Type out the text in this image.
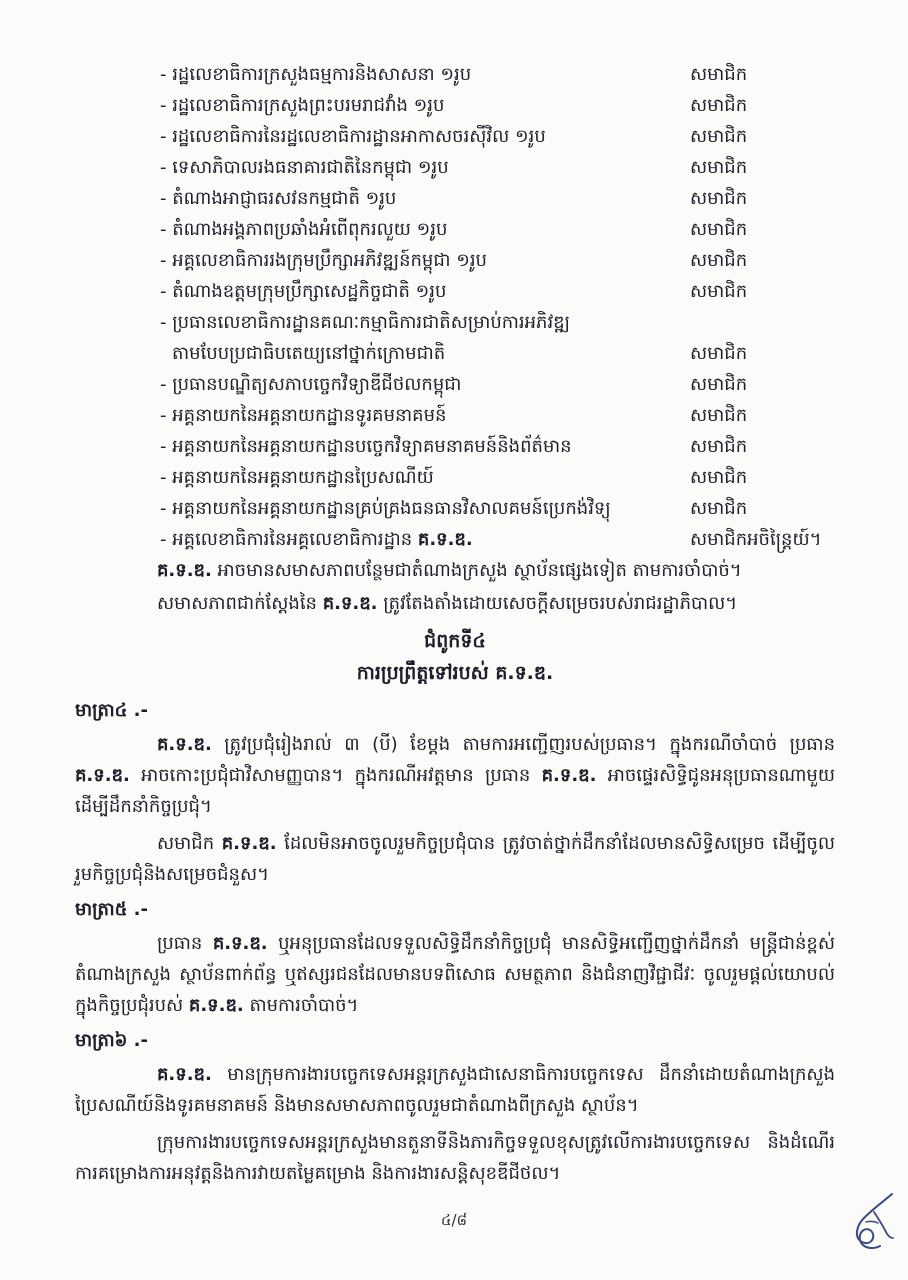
- រដ្ឋលេខាធិការក្រសួងធម្មការនិងសាសនា ១រូប	សមាជិក
- រដ្ឋលេខាធិការក្រសួងព្រះបរមរាជវាំង ១រូប	សមាជិក
- រដ្ឋលេខាធិការនៃរដ្ឋលេខាធិការដ្ឋានអាកាសចរស៊ីវិល ១រូប	សមាជិក
- ទេសាភិបាលរងធនាគារជាតិនៃកម្ពុជា ១រូប	សមាជិក
- តំណាងអាជ្ញាធរសវនកម្មជាតិ ១រូប	សមាជិក
- តំណាងអង្គភាពប្រឆាំងអំពើពុករលួយ ១រូប	សមាជិក
- អគ្គលេខាធិការរងក្រុមប្រឹក្សាអភិវឌ្ឍន៍កម្ពុជា ១រូប	សមាជិក
- តំណាងឧត្តមក្រុមប្រឹក្សាសេដ្ឋកិច្ចជាតិ ១រូប	សមាជិក
- ប្រធានលេខាធិការដ្ឋានគណៈកម្មាធិការជាតិសម្រាប់ការអភិវឌ្ឍ
តាមបែបប្រជាធិបតេយ្យនៅថ្នាក់ក្រោមជាតិ	សមាជិក
- ប្រធានបណ្ឌិត្យសភាបច្ចេកវិទ្យាឌីជីថលកម្ពុជា	សមាជិក
- អគ្គនាយកនៃអគ្គនាយកដ្ឋានទូរគមនាគមន៍	សមាជិក
- អគ្គនាយកនៃអគ្គនាយកដ្ឋានបច្ចេកវិទ្យាគមនាគមន៍និងព័ត៌មាន	សមាជិក
- អគ្គនាយកនៃអគ្គនាយកដ្ឋានប្រៃសណីយ៍	សមាជិក
- អគ្គនាយកនៃអគ្គនាយកដ្ឋានគ្រប់គ្រងធនធានវិសាលគមន៍ប្រេកង់វិទ្យុ	សមាជិក
- អគ្គលេខាធិការនៃអគ្គលេខាធិការដ្ឋាន គ.ទ.ឌ.	សមាជិកអចិន្ត្រៃយ៍។

គ.ទ.ឌ. អាចមានសមាសភាពបន្ថែមជាតំណាងក្រសួង ស្ថាប័នផ្សេងទៀត តាមការចាំបាច់។

សមាសភាពជាក់ស្តែងនៃ គ.ទ.ឌ. ត្រូវតែងតាំងដោយសេចក្តីសម្រេចរបស់រាជរដ្ឋាភិបាល។

ជំពូកទី៤
ការប្រព្រឹត្តទៅរបស់ គ.ទ.ឌ.
មាត្រា៤ .-

គ.ទ.ឌ. ត្រូវប្រជុំរៀងរាល់ ៣ (បី) ខែម្តង តាមការអញ្ជើញរបស់ប្រធាន។ ក្នុងករណីចាំបាច់ ប្រធាន គ.ទ.ឌ. អាចកោះប្រជុំជាវិសាមញ្ញបាន។ ក្នុងករណីអវត្តមាន ប្រធាន គ.ទ.ឌ. អាចផ្ទេរសិទ្ធិជូនអនុប្រធានណាមួយ ដើម្បីដឹកនាំកិច្ចប្រជុំ។

សមាជិក គ.ទ.ឌ. ដែលមិនអាចចូលរួមកិច្ចប្រជុំបាន ត្រូវចាត់ថ្នាក់ដឹកនាំដែលមានសិទ្ធិសម្រេច ដើម្បីចូលរួមកិច្ចប្រជុំនិងសម្រេចជំនួស។

មាត្រា៥ .-

ប្រធាន គ.ទ.ឌ. ឬអនុប្រធានដែលទទួលសិទ្ធិដឹកនាំកិច្ចប្រជុំ មានសិទ្ធិអញ្ជើញថ្នាក់ដឹកនាំ មន្ត្រីជាន់ខ្ពស់ តំណាងក្រសួង ស្ថាប័នពាក់ព័ន្ធ ឬឥស្សរជនដែលមានបទពិសោធ សមត្ថភាព និងជំនាញវិជ្ជាជីវៈ ចូលរួមផ្តល់យោបល់ ក្នុងកិច្ចប្រជុំរបស់ គ.ទ.ឌ. តាមការចាំបាច់។

មាត្រា៦ .-

គ.ទ.ឌ. មានក្រុមការងារបច្ចេកទេសអន្តរក្រសួងជាសេនាធិការបច្ចេកទេស ដឹកនាំដោយតំណាងក្រសួងប្រៃសណីយ៍និងទូរគមនាគមន៍ និងមានសមាសភាពចូលរួមជាតំណាងពីក្រសួង ស្ថាប័ន។

ក្រុមការងារបច្ចេកទេសអន្តរក្រសួងមានតួនាទីនិងភារកិច្ចទទួលខុសត្រូវលើការងារបច្ចេកទេស និងដំណើរការគម្រោងការអនុវត្តនិងការវាយតម្លៃគម្រោង និងការងារសន្តិសុខឌីជីថល។

៤/៨
